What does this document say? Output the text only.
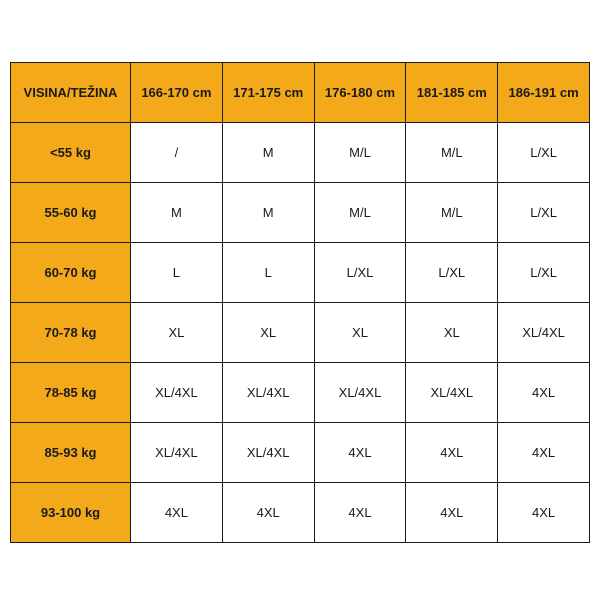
VISINA/TEŽINA	166-170 cm	171-175 cm	176-180 cm	181-185 cm	186-191 cm
<55 kg	/	M	M/L	M/L	L/XL
55-60 kg	M	M	M/L	M/L	L/XL
60-70 kg	L	L	L/XL	L/XL	L/XL
70-78 kg	XL	XL	XL	XL	XL/4XL
78-85 kg	XL/4XL	XL/4XL	XL/4XL	XL/4XL	4XL
85-93 kg	XL/4XL	XL/4XL	4XL	4XL	4XL
93-100 kg	4XL	4XL	4XL	4XL	4XL
